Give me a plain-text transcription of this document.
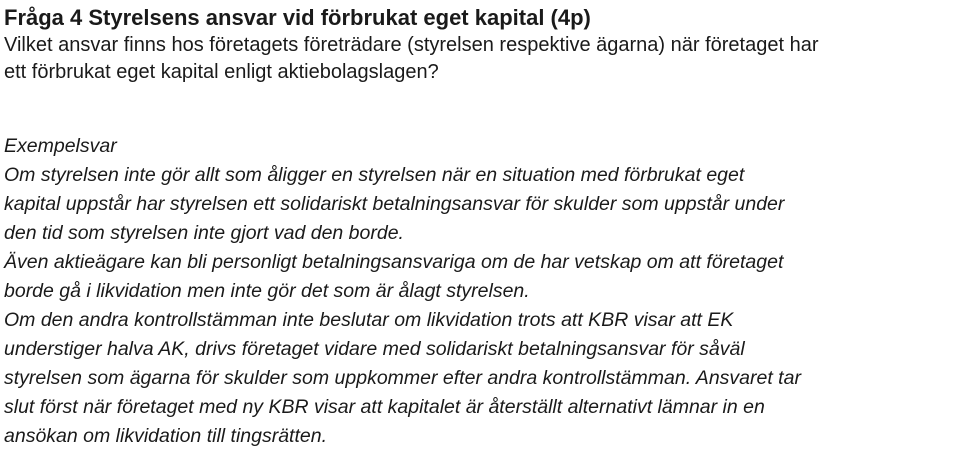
Fråga 4 Styrelsens ansvar vid förbrukat eget kapital (4p)
Vilket ansvar finns hos företagets företrädare (styrelsen respektive ägarna) när företaget har
ett förbrukat eget kapital enligt aktiebolagslagen?
Exempelsvar
Om styrelsen inte gör allt som åligger en styrelsen när en situation med förbrukat eget
kapital uppstår har styrelsen ett solidariskt betalningsansvar för skulder som uppstår under
den tid som styrelsen inte gjort vad den borde.
Även aktieägare kan bli personligt betalningsansvariga om de har vetskap om att företaget
borde gå i likvidation men inte gör det som är ålagt styrelsen.
Om den andra kontrollstämman inte beslutar om likvidation trots att KBR visar att EK
understiger halva AK, drivs företaget vidare med solidariskt betalningsansvar för såväl
styrelsen som ägarna för skulder som uppkommer efter andra kontrollstämman. Ansvaret tar
slut först när företaget med ny KBR visar att kapitalet är återställt alternativt lämnar in en
ansökan om likvidation till tingsrätten.
